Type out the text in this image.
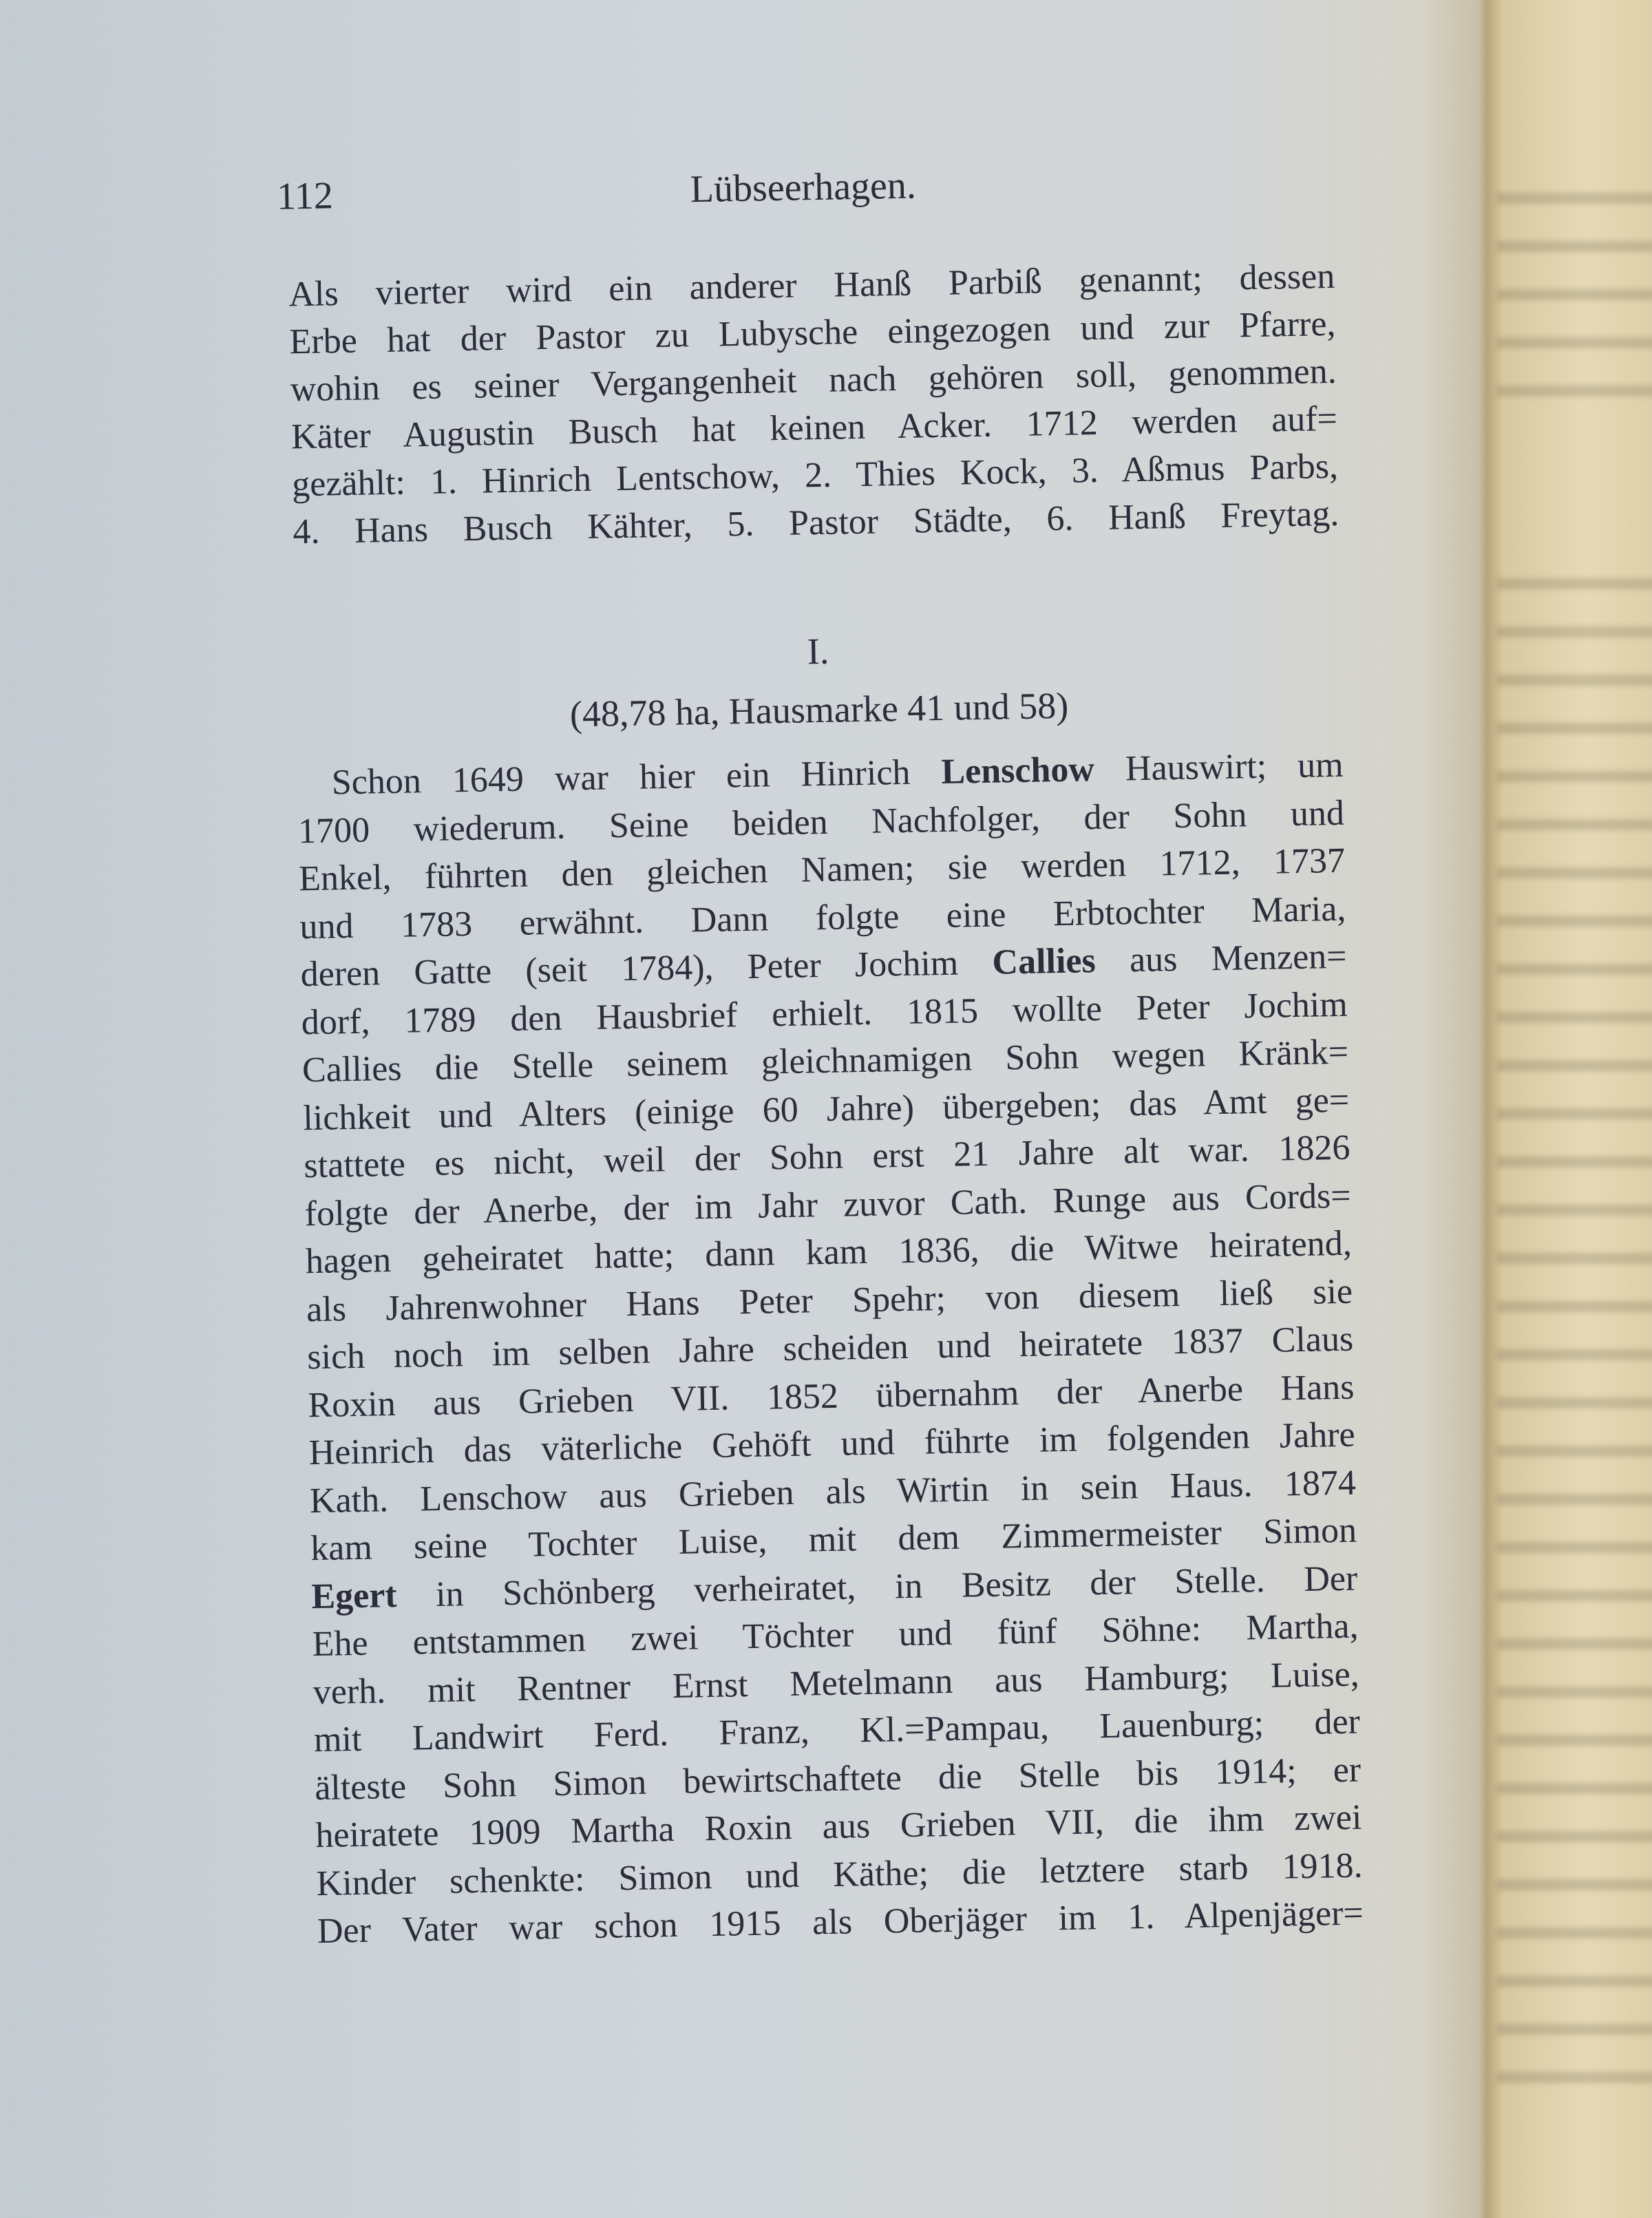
112	Lübseerhagen.
Als vierter wird ein anderer Hanß Parbiß genannt; dessen
Erbe hat der Pastor zu Lubysche eingezogen und zur Pfarre,
wohin es seiner Vergangenheit nach gehören soll, genommen.
Käter Augustin Busch hat keinen Acker. 1712 werden auf=
gezählt: 1. Hinrich Lentschow, 2. Thies Kock, 3. Aßmus Parbs,
4. Hans Busch Kähter, 5. Pastor Städte, 6. Hanß Freytag.
I.
(48,78 ha, Hausmarke 41 und 58)
Schon 1649 war hier ein Hinrich Lenschow Hauswirt; um
1700 wiederum. Seine beiden Nachfolger, der Sohn und
Enkel, führten den gleichen Namen; sie werden 1712, 1737
und 1783 erwähnt. Dann folgte eine Erbtochter Maria,
deren Gatte (seit 1784), Peter Jochim Callies aus Menzen=
dorf, 1789 den Hausbrief erhielt. 1815 wollte Peter Jochim
Callies die Stelle seinem gleichnamigen Sohn wegen Kränk=
lichkeit und Alters (einige 60 Jahre) übergeben; das Amt ge=
stattete es nicht, weil der Sohn erst 21 Jahre alt war. 1826
folgte der Anerbe, der im Jahr zuvor Cath. Runge aus Cords=
hagen geheiratet hatte; dann kam 1836, die Witwe heiratend,
als Jahrenwohner Hans Peter Spehr; von diesem ließ sie
sich noch im selben Jahre scheiden und heiratete 1837 Claus
Roxin aus Grieben VII. 1852 übernahm der Anerbe Hans
Heinrich das väterliche Gehöft und führte im folgenden Jahre
Kath. Lenschow aus Grieben als Wirtin in sein Haus. 1874
kam seine Tochter Luise, mit dem Zimmermeister Simon
Egert in Schönberg verheiratet, in Besitz der Stelle. Der
Ehe entstammen zwei Töchter und fünf Söhne: Martha,
verh. mit Rentner Ernst Metelmann aus Hamburg; Luise,
mit Landwirt Ferd. Franz, Kl.=Pampau, Lauenburg; der
älteste Sohn Simon bewirtschaftete die Stelle bis 1914; er
heiratete 1909 Martha Roxin aus Grieben VII, die ihm zwei
Kinder schenkte: Simon und Käthe; die letztere starb 1918.
Der Vater war schon 1915 als Oberjäger im 1. Alpenjäger=
